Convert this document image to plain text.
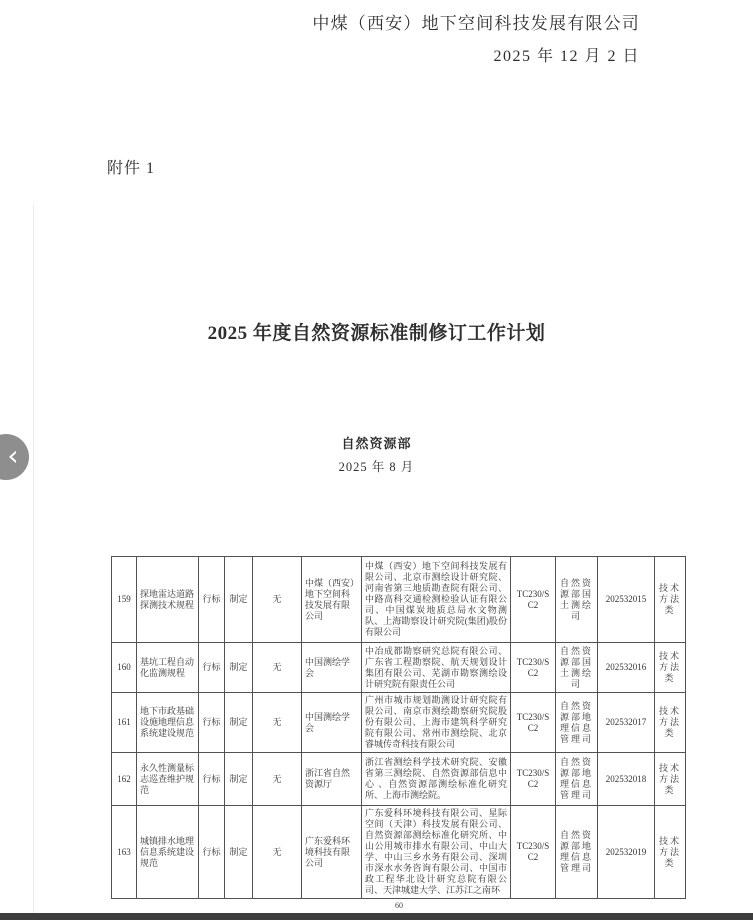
中煤（西安）地下空间科技发展有限公司
2025 年 12 月 2 日
附件 1
2025 年度自然资源标准制修订工作计划
自然资源部
2025 年 8 月
159	探地雷达道路探测技术规程	行标	制定	无	中煤（西安）地下空间科技发展有限公司	中煤（西安）地下空间科技发展有限公司、北京市测绘设计研究院、河南省第三地质勘查院有限公司、中路高科交通检测检验认证有限公司、中国煤炭地质总局水文物测队、上海勘察设计研究院(集团)股份有限公司	TC230/SC2	自然资源部国土测绘司	202532015	技术方法类
160	基坑工程自动化监测规程	行标	制定	无	中国测绘学会	中冶成都勘察研究总院有限公司、广东省工程勘察院、航天规划设计集团有限公司、芜湖市勘察测绘设计研究院有限责任公司	TC230/SC2	自然资源部国土测绘司	202532016	技术方法类
161	地下市政基础设施地理信息系统建设规范	行标	制定	无	中国测绘学会	广州市城市规划勘测设计研究院有限公司、南京市测绘勘察研究院股份有限公司、上海市建筑科学研究院有限公司、常州市测绘院、北京睿城传奇科技有限公司	TC230/SC2	自然资源部地理信息管理司	202532017	技术方法类
162	永久性测量标志巡查维护规范	行标	制定	无	浙江省自然资源厅	浙江省测绘科学技术研究院、安徽省第三测绘院、自然资源部信息中心 、自然资源部测绘标准化研究所、上海市测绘院。	TC230/SC2	自然资源部地理信息管理司	202532018	技术方法类
163	城镇排水地理信息系统建设规范	行标	制定	无	广东爱科环境科技有限公司	广东爱科环境科技有限公司、星际空间（天津）科技发展有限公司、自然资源部测绘标准化研究所、中山公用城市排水有限公司、中山大学、中山三乡水务有限公司、深圳市深水水务咨询有限公司、中国市政工程华北设计研究总院有限公司、天津城建大学、江苏江之南环	TC230/SC2	自然资源部地理信息管理司	202532019	技术方法类
60
‹
